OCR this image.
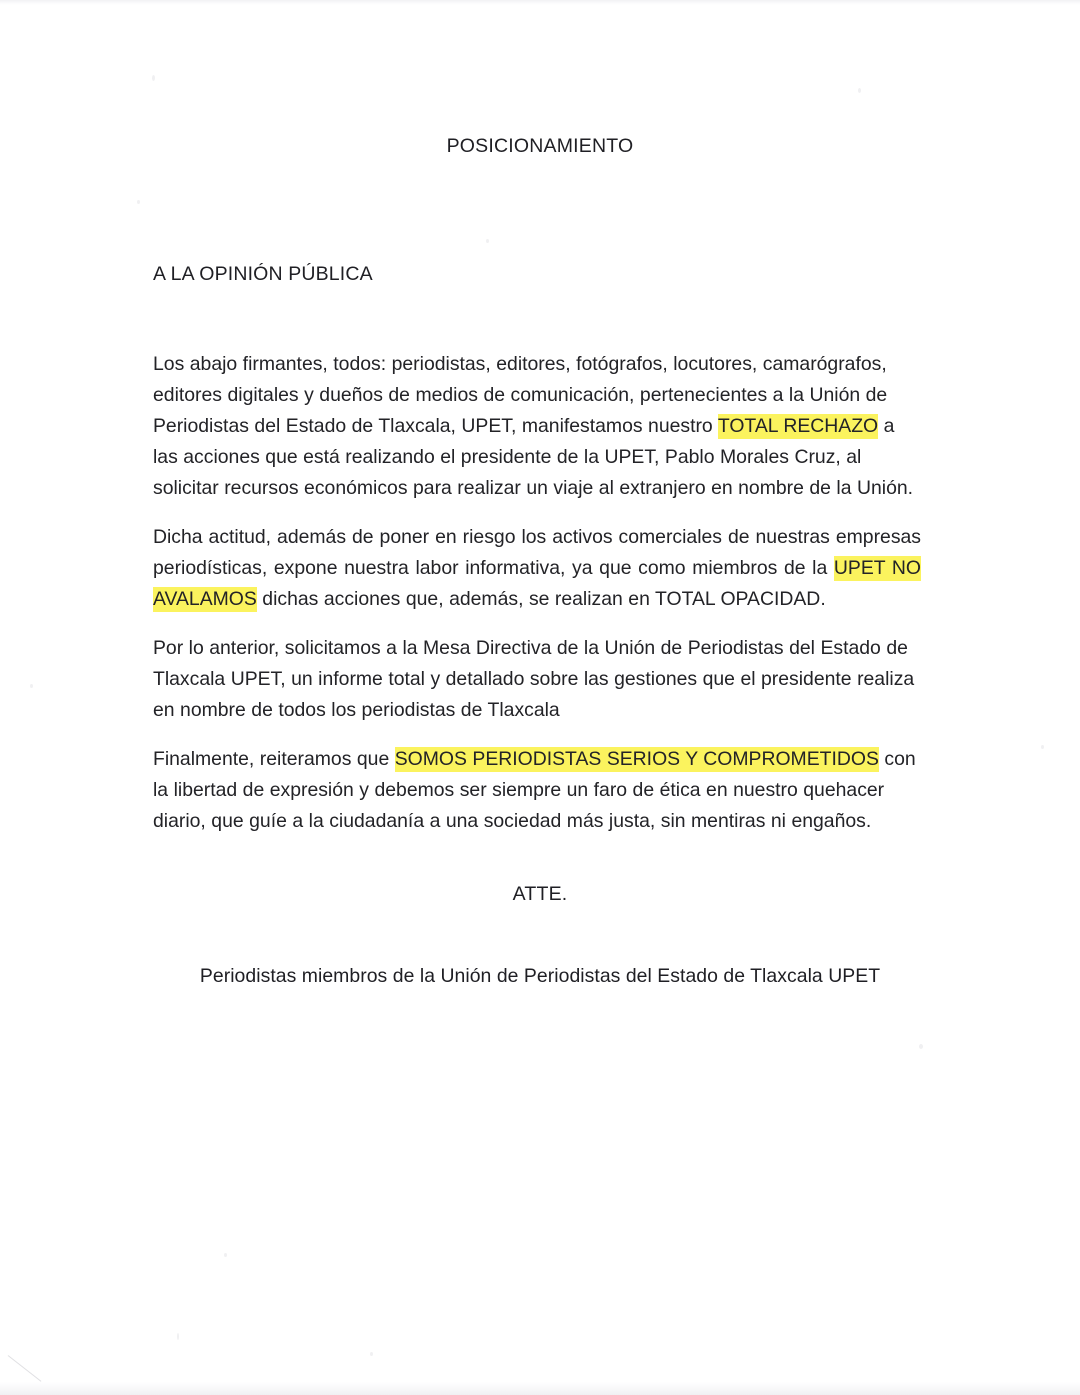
POSICIONAMIENTO
A LA OPINIÓN PÚBLICA

Los abajo firmantes, todos: periodistas, editores, fotógrafos, locutores, camarógrafos, editores digitales y dueños de medios de comunicación, pertenecientes a la Unión de Periodistas del Estado de Tlaxcala, UPET, manifestamos nuestro TOTAL RECHAZO a las acciones que está realizando el presidente de la UPET, Pablo Morales Cruz, al solicitar recursos económicos para realizar un viaje al extranjero en nombre de la Unión.

Dicha actitud, además de poner en riesgo los activos comerciales de nuestras empresas periodísticas, expone nuestra labor informativa, ya que como miembros de la UPET NO AVALAMOS dichas acciones que, además, se realizan en TOTAL OPACIDAD.

Por lo anterior, solicitamos a la Mesa Directiva de la Unión de Periodistas del Estado de Tlaxcala UPET, un informe total y detallado sobre las gestiones que el presidente realiza en nombre de todos los periodistas de Tlaxcala

Finalmente, reiteramos que SOMOS PERIODISTAS SERIOS Y COMPROMETIDOS con la libertad de expresión y debemos ser siempre un faro de ética en nuestro quehacer diario, que guíe a la ciudadanía a una sociedad más justa, sin mentiras ni engaños.

ATTE.
Periodistas miembros de la Unión de Periodistas del Estado de Tlaxcala UPET
